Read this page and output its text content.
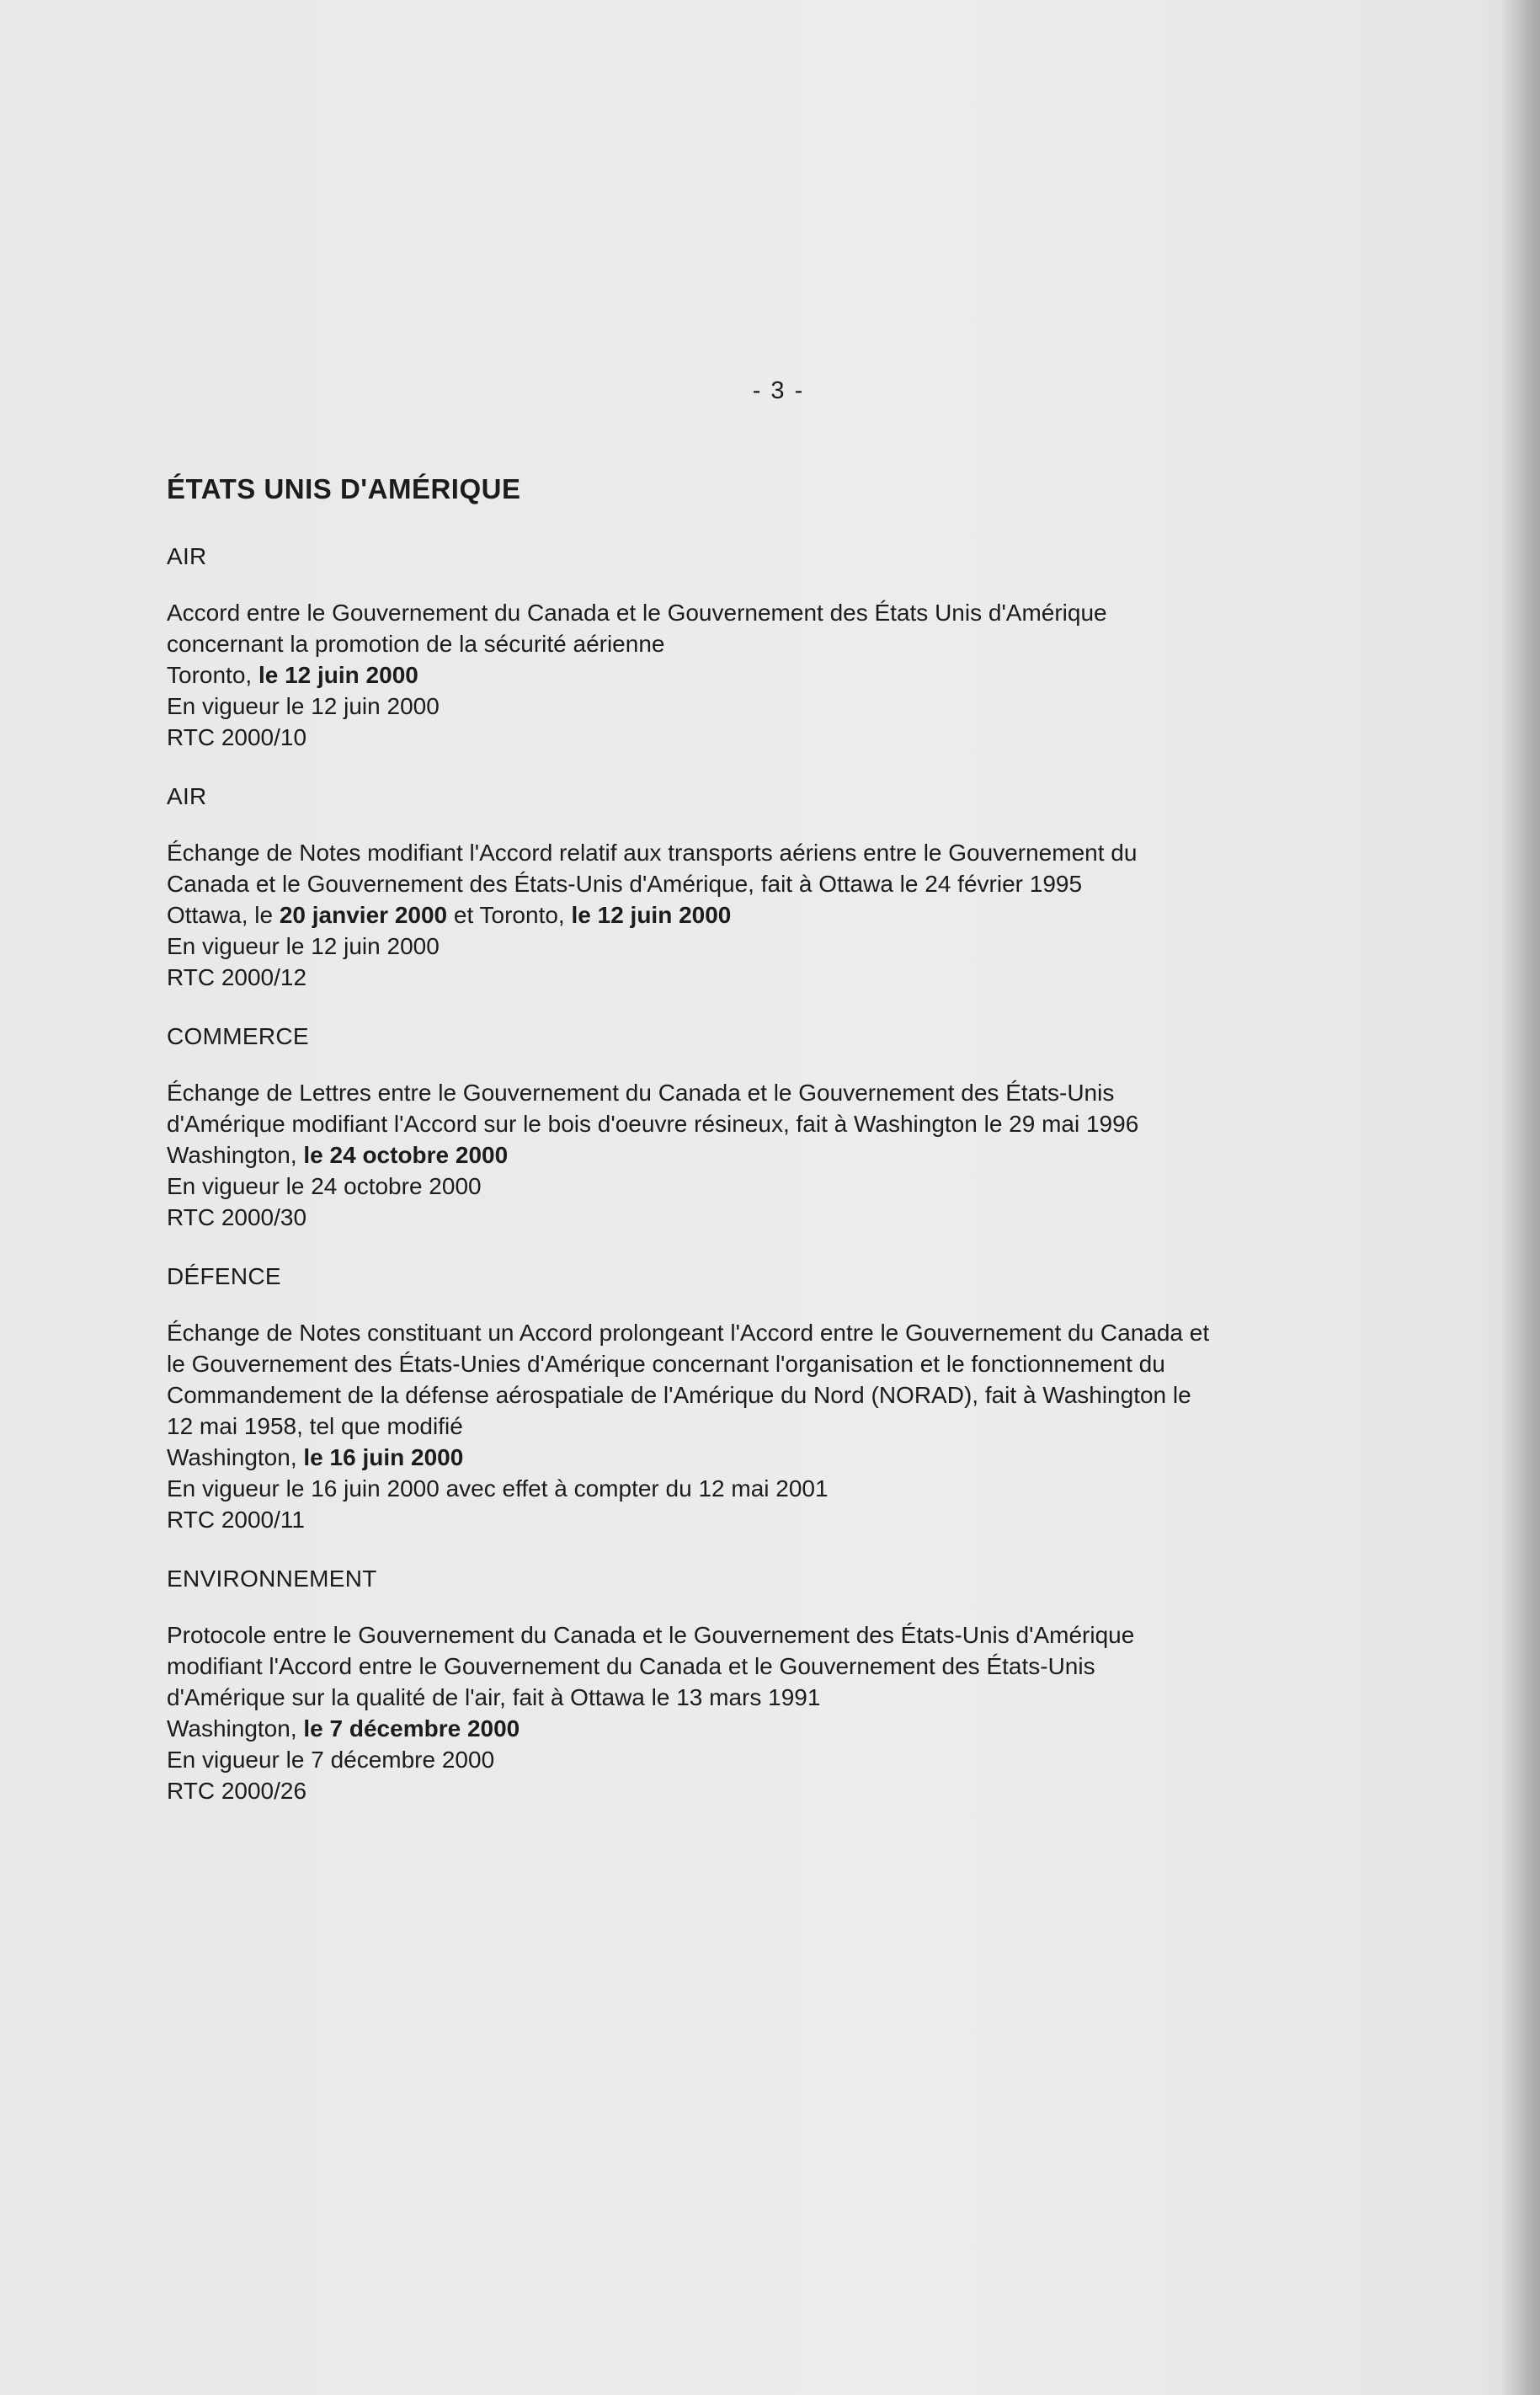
- 3 -
ÉTATS UNIS D'AMÉRIQUE
AIR
Accord entre le Gouvernement du Canada et le Gouvernement des États Unis d'Amérique
concernant la promotion de la sécurité aérienne
Toronto, le 12 juin 2000
En vigueur le 12 juin 2000
RTC 2000/10
AIR
Échange de Notes modifiant l'Accord relatif aux transports aériens entre le Gouvernement du
Canada et le Gouvernement des États-Unis d'Amérique, fait à Ottawa le 24 février 1995
Ottawa, le 20 janvier 2000 et Toronto, le 12 juin 2000
En vigueur le 12 juin 2000
RTC 2000/12
COMMERCE
Échange de Lettres entre le Gouvernement du Canada et le Gouvernement des États-Unis
d'Amérique modifiant l'Accord sur le bois d'oeuvre résineux, fait à Washington le 29 mai 1996
Washington, le 24 octobre 2000
En vigueur le 24 octobre 2000
RTC 2000/30
DÉFENCE
Échange de Notes constituant un Accord prolongeant l'Accord entre le Gouvernement du Canada et
le Gouvernement des États-Unies d'Amérique concernant l'organisation et le fonctionnement du
Commandement de la défense aérospatiale de l'Amérique du Nord (NORAD), fait à Washington le
12 mai 1958, tel que modifié
Washington, le 16 juin 2000
En vigueur le 16 juin 2000 avec effet à compter du 12 mai 2001
RTC 2000/11
ENVIRONNEMENT
Protocole entre le Gouvernement du Canada et le Gouvernement des États-Unis d'Amérique
modifiant l'Accord entre le Gouvernement du Canada et le Gouvernement des États-Unis
d'Amérique sur la qualité de l'air, fait à Ottawa le 13 mars 1991
Washington, le 7 décembre 2000
En vigueur le 7 décembre 2000
RTC 2000/26
